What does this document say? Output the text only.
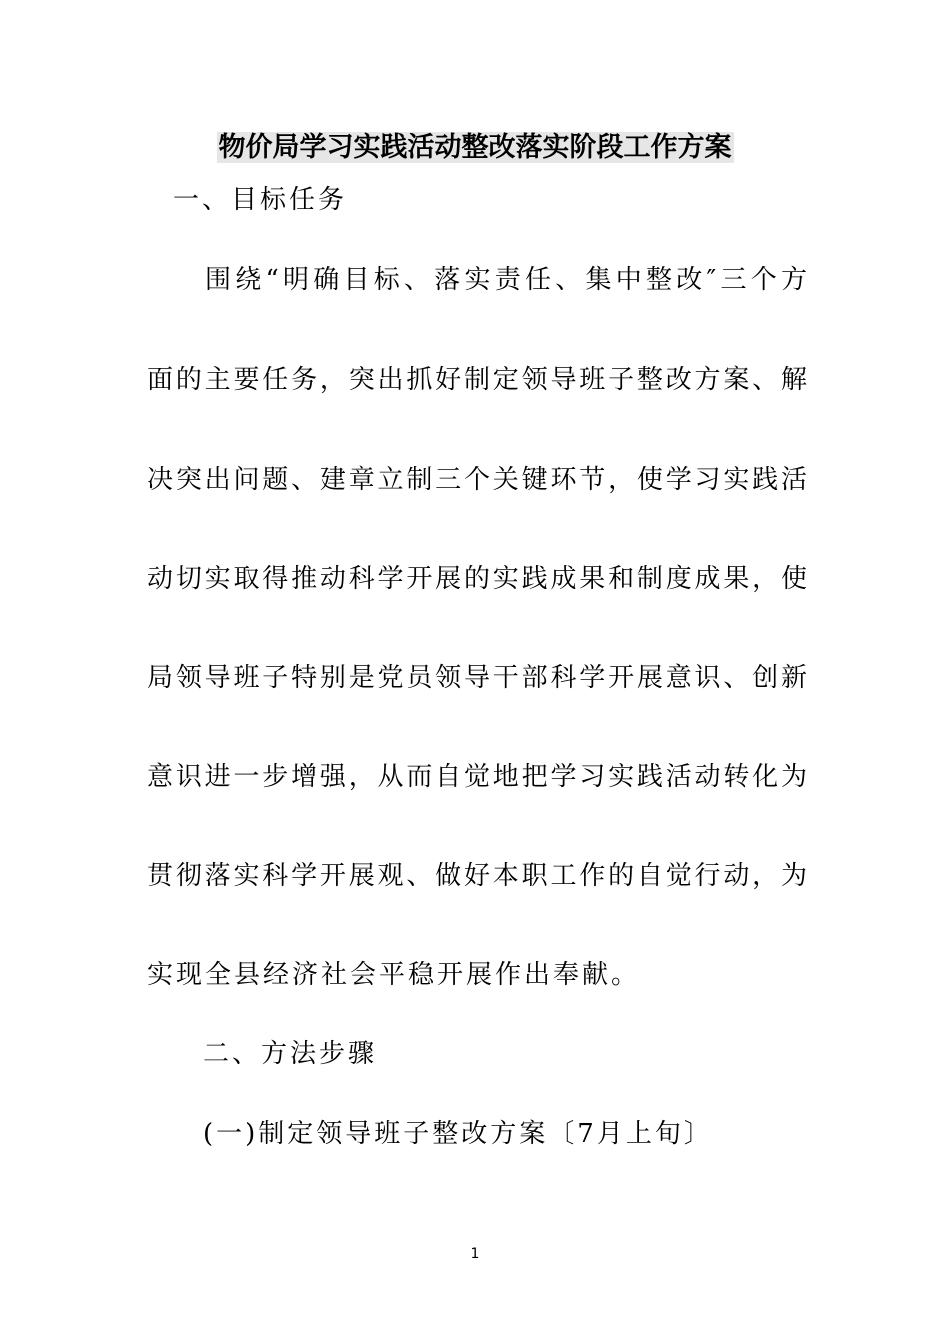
物价局学习实践活动整改落实阶段工作方案
一、目标任务
围绕“明确目标、落实责任、集中整改″三个方
面的主要任务，突出抓好制定领导班子整改方案、解
决突出问题、建章立制三个关键环节，使学习实践活
动切实取得推动科学开展的实践成果和制度成果，使
局领导班子特别是党员领导干部科学开展意识、创新
意识进一步增强，从而自觉地把学习实践活动转化为
贯彻落实科学开展观、做好本职工作的自觉行动，为
实现全县经济社会平稳开展作出奉献。
二、方法步骤
(一)制定领导班子整改方案〔7月上旬〕
1
